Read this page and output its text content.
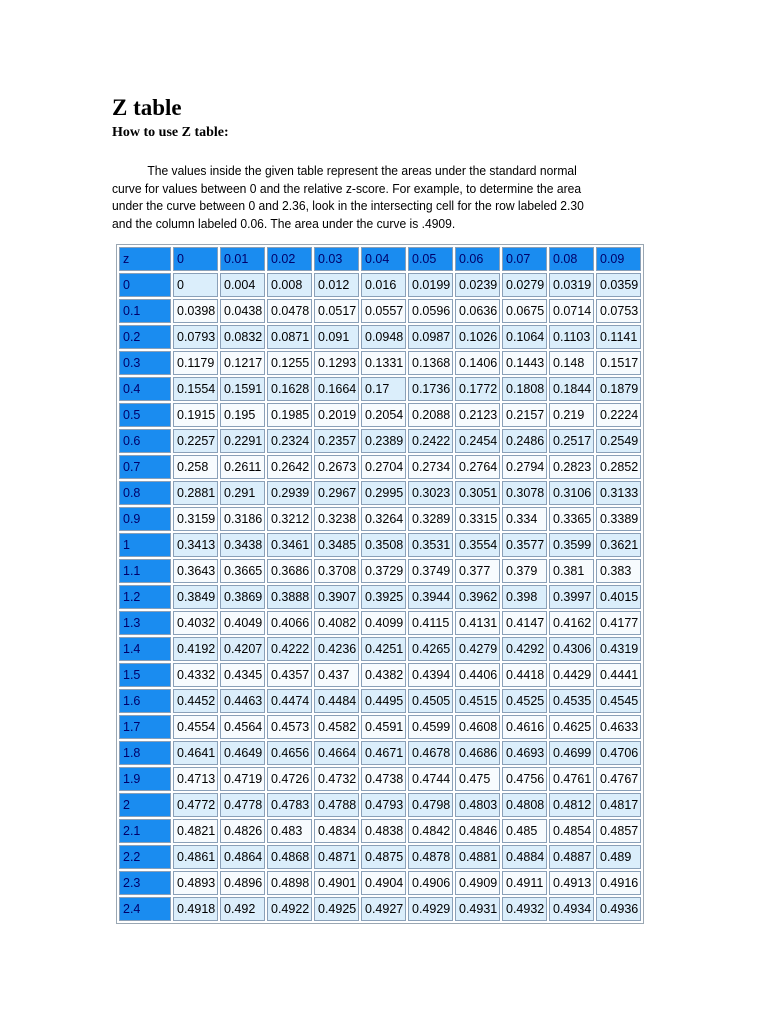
Z table
How to use Z table:

The values inside the given table represent the areas under the standard normal curve for values between 0 and the relative z-score. For example, to determine the area under the curve between 0 and 2.36, look in the intersecting cell for the row labeled 2.30 and the column labeled 0.06. The area under the curve is .4909.

z	0	0.01	0.02	0.03	0.04	0.05	0.06	0.07	0.08	0.09
0	0	0.004	0.008	0.012	0.016	0.0199	0.0239	0.0279	0.0319	0.0359
0.1	0.0398	0.0438	0.0478	0.0517	0.0557	0.0596	0.0636	0.0675	0.0714	0.0753
0.2	0.0793	0.0832	0.0871	0.091	0.0948	0.0987	0.1026	0.1064	0.1103	0.1141
0.3	0.1179	0.1217	0.1255	0.1293	0.1331	0.1368	0.1406	0.1443	0.148	0.1517
0.4	0.1554	0.1591	0.1628	0.1664	0.17	0.1736	0.1772	0.1808	0.1844	0.1879
0.5	0.1915	0.195	0.1985	0.2019	0.2054	0.2088	0.2123	0.2157	0.219	0.2224
0.6	0.2257	0.2291	0.2324	0.2357	0.2389	0.2422	0.2454	0.2486	0.2517	0.2549
0.7	0.258	0.2611	0.2642	0.2673	0.2704	0.2734	0.2764	0.2794	0.2823	0.2852
0.8	0.2881	0.291	0.2939	0.2967	0.2995	0.3023	0.3051	0.3078	0.3106	0.3133
0.9	0.3159	0.3186	0.3212	0.3238	0.3264	0.3289	0.3315	0.334	0.3365	0.3389
1	0.3413	0.3438	0.3461	0.3485	0.3508	0.3531	0.3554	0.3577	0.3599	0.3621
1.1	0.3643	0.3665	0.3686	0.3708	0.3729	0.3749	0.377	0.379	0.381	0.383
1.2	0.3849	0.3869	0.3888	0.3907	0.3925	0.3944	0.3962	0.398	0.3997	0.4015
1.3	0.4032	0.4049	0.4066	0.4082	0.4099	0.4115	0.4131	0.4147	0.4162	0.4177
1.4	0.4192	0.4207	0.4222	0.4236	0.4251	0.4265	0.4279	0.4292	0.4306	0.4319
1.5	0.4332	0.4345	0.4357	0.437	0.4382	0.4394	0.4406	0.4418	0.4429	0.4441
1.6	0.4452	0.4463	0.4474	0.4484	0.4495	0.4505	0.4515	0.4525	0.4535	0.4545
1.7	0.4554	0.4564	0.4573	0.4582	0.4591	0.4599	0.4608	0.4616	0.4625	0.4633
1.8	0.4641	0.4649	0.4656	0.4664	0.4671	0.4678	0.4686	0.4693	0.4699	0.4706
1.9	0.4713	0.4719	0.4726	0.4732	0.4738	0.4744	0.475	0.4756	0.4761	0.4767
2	0.4772	0.4778	0.4783	0.4788	0.4793	0.4798	0.4803	0.4808	0.4812	0.4817
2.1	0.4821	0.4826	0.483	0.4834	0.4838	0.4842	0.4846	0.485	0.4854	0.4857
2.2	0.4861	0.4864	0.4868	0.4871	0.4875	0.4878	0.4881	0.4884	0.4887	0.489
2.3	0.4893	0.4896	0.4898	0.4901	0.4904	0.4906	0.4909	0.4911	0.4913	0.4916
2.4	0.4918	0.492	0.4922	0.4925	0.4927	0.4929	0.4931	0.4932	0.4934	0.4936
